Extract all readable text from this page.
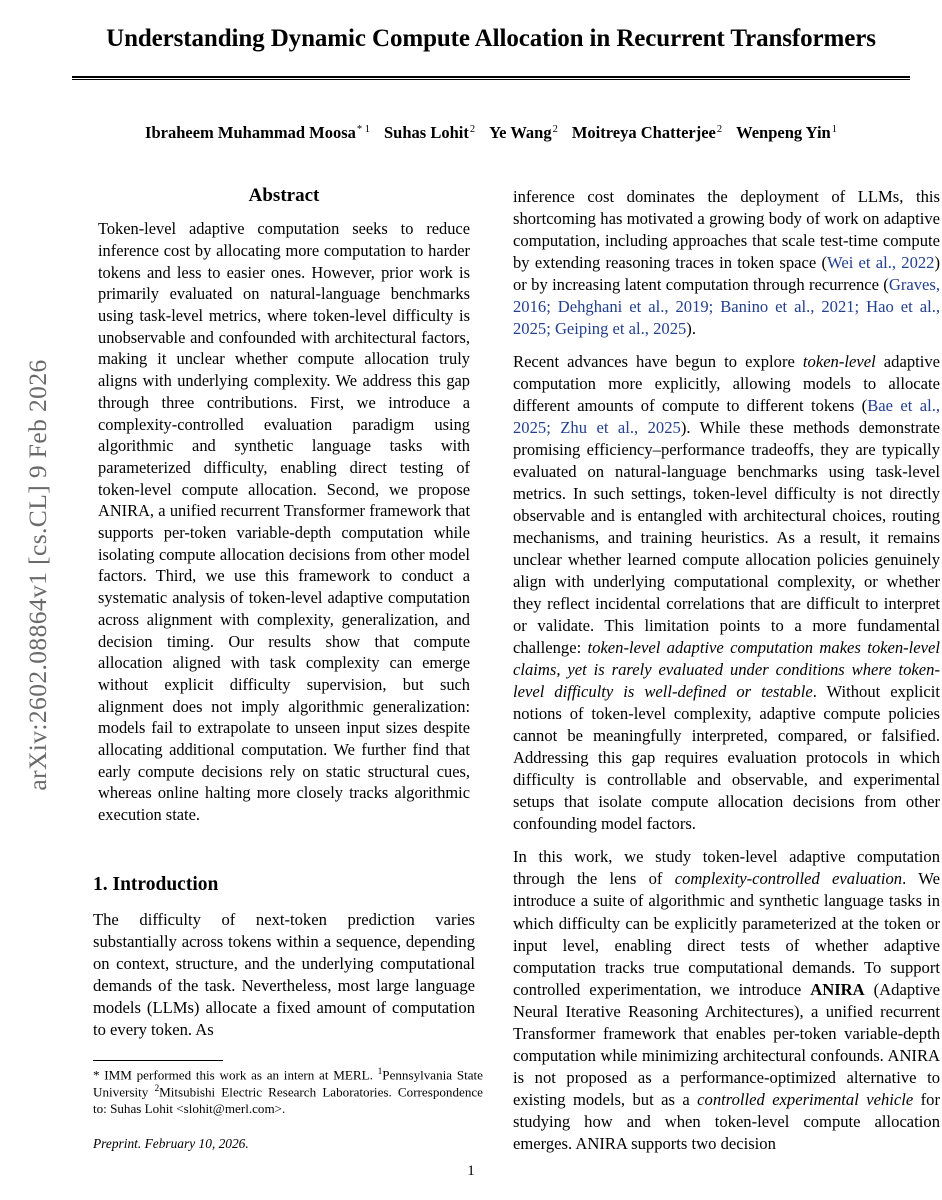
arXiv:2602.08864v1 [cs.CL] 9 Feb 2026
Understanding Dynamic Compute Allocation in Recurrent Transformers
Ibraheem Muhammad Moosa$^{* 1}$ Suhas Lohit$^2$ Ye Wang$^2$ Moitreya Chatterjee$^2$ Wenpeng Yin$^1$
Abstract
Token-level adaptive computation seeks to reduce inference cost by allocating more computation to harder tokens and less to easier ones. However, prior work is primarily evaluated on natural-language benchmarks using task-level metrics, where token-level difficulty is unobservable and confounded with architectural factors, making it unclear whether compute allocation truly aligns with underlying complexity. We address this gap through three contributions. First, we introduce a complexity-controlled evaluation paradigm using algorithmic and synthetic language tasks with parameterized difficulty, enabling direct testing of token-level compute allocation. Second, we propose ANIRA, a unified recurrent Transformer framework that supports per-token variable-depth computation while isolating compute allocation decisions from other model factors. Third, we use this framework to conduct a systematic analysis of token-level adaptive computation across alignment with complexity, generalization, and decision timing. Our results show that compute allocation aligned with task complexity can emerge without explicit difficulty supervision, but such alignment does not imply algorithmic generalization: models fail to extrapolate to unseen input sizes despite allocating additional computation. We further find that early compute decisions rely on static structural cues, whereas online halting more closely tracks algorithmic execution state.
1. Introduction

The difficulty of next-token prediction varies substantially across tokens within a sequence, depending on context, structure, and the underlying computational demands of the task. Nevertheless, most large language models (LLMs) allocate a fixed amount of computation to every token. As

inference cost dominates the deployment of LLMs, this shortcoming has motivated a growing body of work on adaptive computation, including approaches that scale test-time compute by extending reasoning traces in token space (Wei et al., 2022) or by increasing latent computation through recurrence (Graves, 2016; Dehghani et al., 2019; Banino et al., 2021; Hao et al., 2025; Geiping et al., 2025).

Recent advances have begun to explore token-level adaptive computation more explicitly, allowing models to allocate different amounts of compute to different tokens (Bae et al., 2025; Zhu et al., 2025). While these methods demonstrate promising efficiency–performance tradeoffs, they are typically evaluated on natural-language benchmarks using task-level metrics. In such settings, token-level difficulty is not directly observable and is entangled with architectural choices, routing mechanisms, and training heuristics. As a result, it remains unclear whether learned compute allocation policies genuinely align with underlying computational complexity, or whether they reflect incidental correlations that are difficult to interpret or validate. This limitation points to a more fundamental challenge: token-level adaptive computation makes token-level claims, yet is rarely evaluated under conditions where token-level difficulty is well-defined or testable. Without explicit notions of token-level complexity, adaptive compute policies cannot be meaningfully interpreted, compared, or falsified. Addressing this gap requires evaluation protocols in which difficulty is controllable and observable, and experimental setups that isolate compute allocation decisions from other confounding model factors.

In this work, we study token-level adaptive computation through the lens of complexity-controlled evaluation. We introduce a suite of algorithmic and synthetic language tasks in which difficulty can be explicitly parameterized at the token or input level, enabling direct tests of whether adaptive computation tracks true computational demands. To support controlled experimentation, we introduce ANIRA (Adaptive Neural Iterative Reasoning Architectures), a unified recurrent Transformer framework that enables per-token variable-depth computation while minimizing architectural confounds. ANIRA is not proposed as a performance-optimized alternative to existing models, but as a controlled experimental vehicle for studying how and when token-level compute allocation emerges. ANIRA supports two decision

* IMM performed this work as an intern at MERL. $^1$Pennsylvania State University $^2$Mitsubishi Electric Research Laboratories. Correspondence to: Suhas Lohit <slohit@merl.com>.
Preprint. February 10, 2026.
1
